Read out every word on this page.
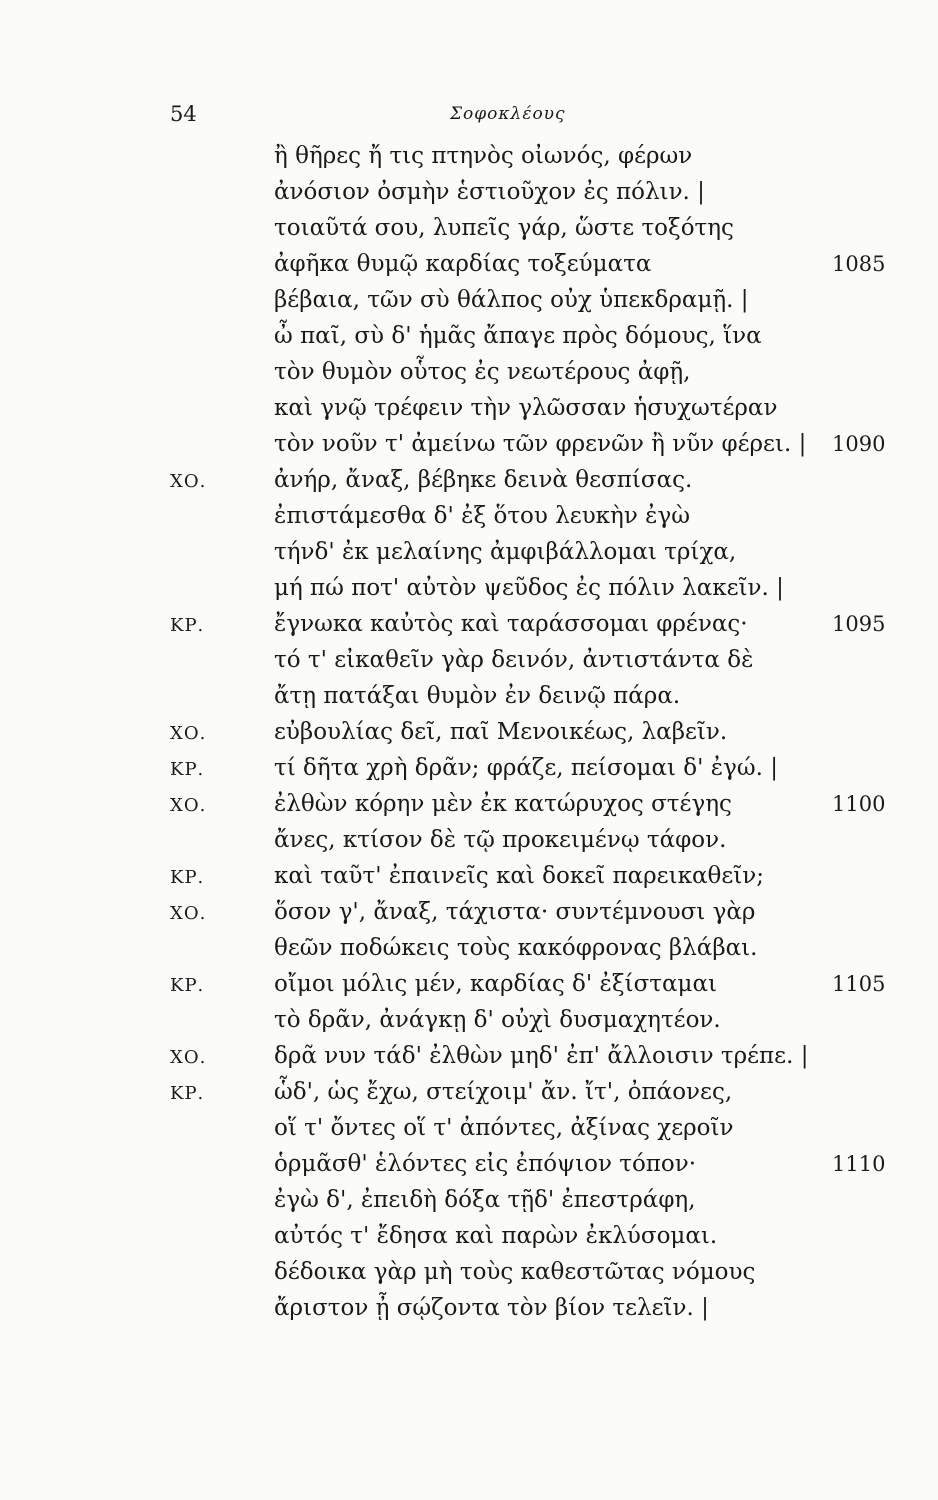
54	Σοφοκλέους
ἢ θῆρες ἤ τις πτηνὸς οἰωνός, φέρων
ἀνόσιον ὀσμὴν ἑστιοῦχον ἐς πόλιν. |
τοιαῦτά σου, λυπεῖς γάρ, ὥστε τοξότης
ἀφῆκα θυμῷ καρδίας τοξεύματα	1085
βέβαια, τῶν σὺ θάλπος οὐχ ὑπεκδραμῇ. |
ὦ παῖ, σὺ δ' ἡμᾶς ἄπαγε πρὸς δόμους, ἵνα
τὸν θυμὸν οὗτος ἐς νεωτέρους ἀφῇ,
καὶ γνῷ τρέφειν τὴν γλῶσσαν ἡσυχωτέραν
τὸν νοῦν τ' ἀμείνω τῶν φρενῶν ἢ νῦν φέρει. | 1090
ΧΟ.	ἀνήρ, ἄναξ, βέβηκε δεινὰ θεσπίσας.
ἐπιστάμεσθα δ' ἐξ ὅτου λευκὴν ἐγὼ
τήνδ' ἐκ μελαίνης ἀμφιβάλλομαι τρίχα,
μή πώ ποτ' αὐτὸν ψεῦδος ἐς πόλιν λακεῖν. |
ΚΡ.	ἔγνωκα καὐτὸς καὶ ταράσσομαι φρένας·	1095
τό τ' εἰκαθεῖν γὰρ δεινόν, ἀντιστάντα δὲ
ἄτῃ πατάξαι θυμὸν ἐν δεινῷ πάρα.
ΧΟ.	εὐβουλίας δεῖ, παῖ Μενοικέως, λαβεῖν.
ΚΡ.	τί δῆτα χρὴ δρᾶν; φράζε, πείσομαι δ' ἐγώ. |
ΧΟ.	ἐλθὼν κόρην μὲν ἐκ κατώρυχος στέγης	1100
ἄνες, κτίσον δὲ τῷ προκειμένῳ τάφον.
ΚΡ.	καὶ ταῦτ' ἐπαινεῖς καὶ δοκεῖ παρεικαθεῖν;
ΧΟ.	ὅσον γ', ἄναξ, τάχιστα· συντέμνουσι γὰρ
θεῶν ποδώκεις τοὺς κακόφρονας βλάβαι.
ΚΡ.	οἴμοι μόλις μέν, καρδίας δ' ἐξίσταμαι	1105
τὸ δρᾶν, ἀνάγκῃ δ' οὐχὶ δυσμαχητέον.
ΧΟ.	δρᾶ νυν τάδ' ἐλθὼν μηδ' ἐπ' ἄλλοισιν τρέπε. |
ΚΡ.	ὧδ', ὡς ἔχω, στείχοιμ' ἄν. ἴτ', ὀπάονες,
οἵ τ' ὄντες οἵ τ' ἀπόντες, ἀξίνας χεροῖν
ὁρμᾶσθ' ἑλόντες εἰς ἐπόψιον τόπον·	1110
ἐγὼ δ', ἐπειδὴ δόξα τῇδ' ἐπεστράφη,
αὐτός τ' ἔδησα καὶ παρὼν ἐκλύσομαι.
δέδοικα γὰρ μὴ τοὺς καθεστῶτας νόμους
ἄριστον ᾖ σῴζοντα τὸν βίον τελεῖν. |
